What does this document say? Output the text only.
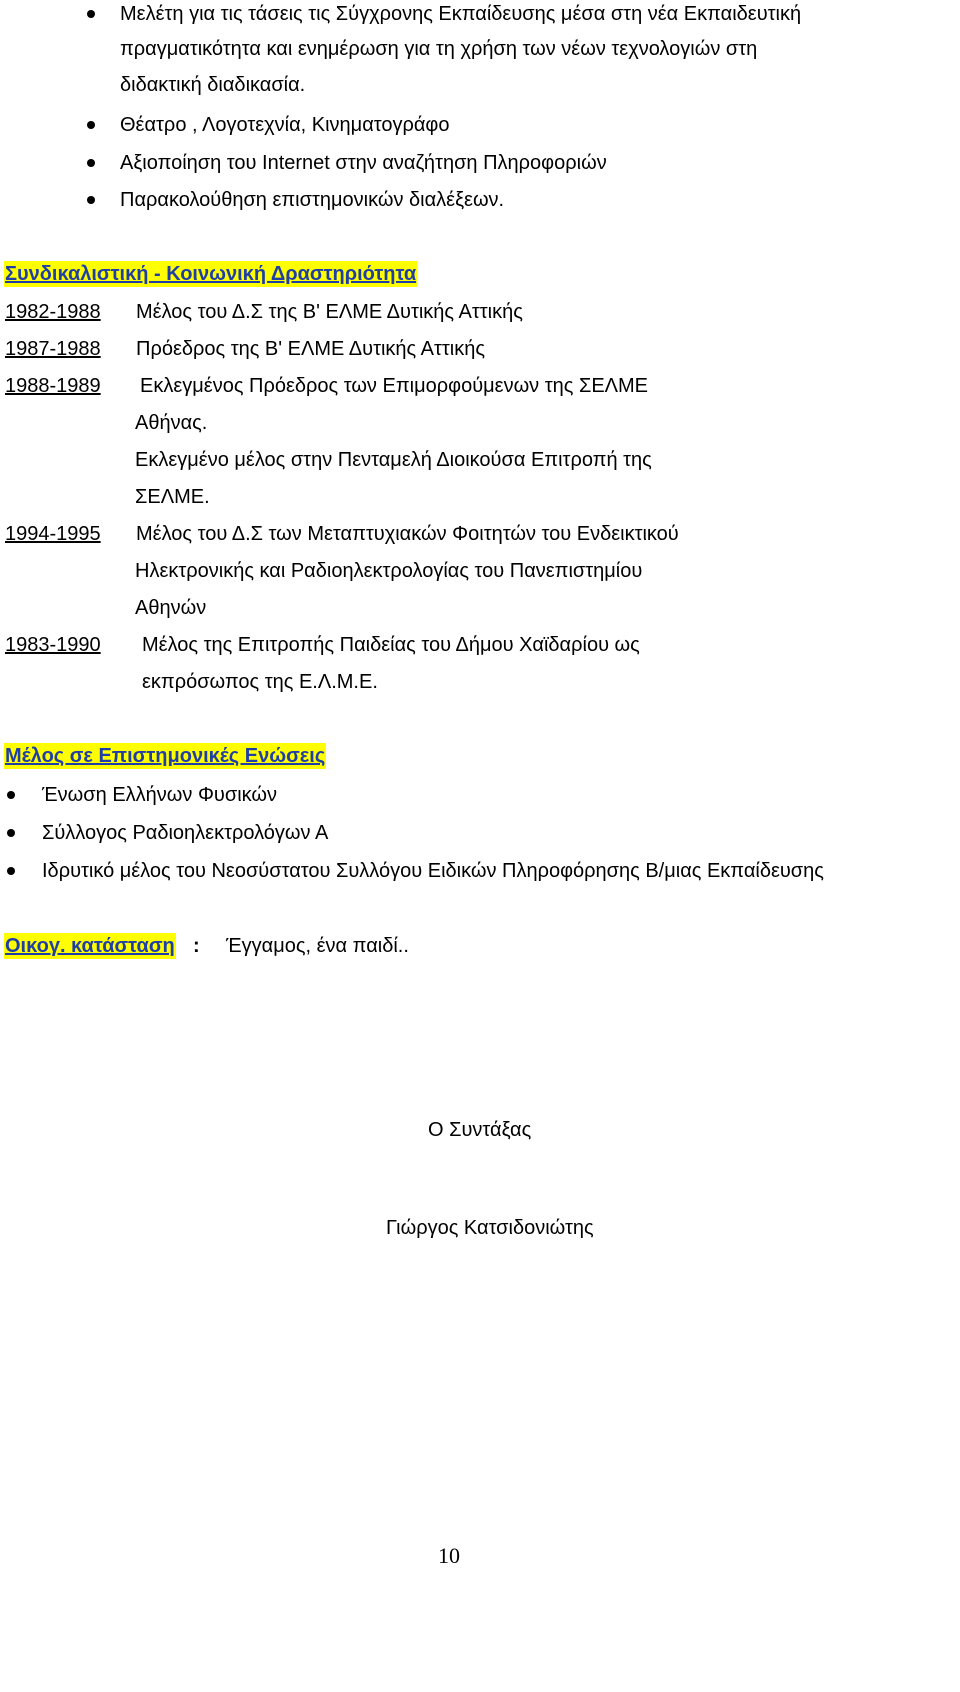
Μελέτη για τις τάσεις τις Σύγχρονης Εκπαίδευσης μέσα στη νέα Εκπαιδευτική
πραγματικότητα και ενημέρωση για τη χρήση των νέων τεχνολογιών στη
διδακτική διαδικασία.
Θέατρο , Λογοτεχνία, Κινηματογράφο
Αξιοποίηση του Internet στην αναζήτηση Πληροφοριών
Παρακολούθηση επιστημονικών διαλέξεων.
Συνδικαλιστική - Κοινωνική Δραστηριότητα
1982-1988 Μέλος του Δ.Σ της Β' ΕΛΜΕ Δυτικής Αττικής
1987-1988 Πρόεδρος της Β' ΕΛΜΕ Δυτικής Αττικής
1988-1989 Εκλεγμένος Πρόεδρος των Επιμορφούμενων της ΣΕΛΜΕ
Αθήνας.
Εκλεγμένο μέλος στην Πενταμελή Διοικούσα Επιτροπή της
ΣΕΛΜΕ.
1994-1995 Μέλος του Δ.Σ των Μεταπτυχιακών Φοιτητών του Ενδεικτικού
Ηλεκτρονικής και Ραδιοηλεκτρολογίας του Πανεπιστημίου
Αθηνών
1983-1990 Μέλος της Επιτροπής Παιδείας του Δήμου Χαϊδαρίου ως
εκπρόσωπος της Ε.Λ.Μ.Ε.
Μέλος σε Επιστημονικές Ενώσεις
Ένωση Ελλήνων Φυσικών
Σύλλογος Ραδιοηλεκτρολόγων Α
Ιδρυτικό μέλος του Νεοσύστατου Συλλόγου Ειδικών Πληροφόρησης Β/μιας Εκπαίδευσης
Οικογ. κατάσταση : Έγγαμος, ένα παιδί..
Ο Συντάξας
Γιώργος Κατσιδονιώτης
10
